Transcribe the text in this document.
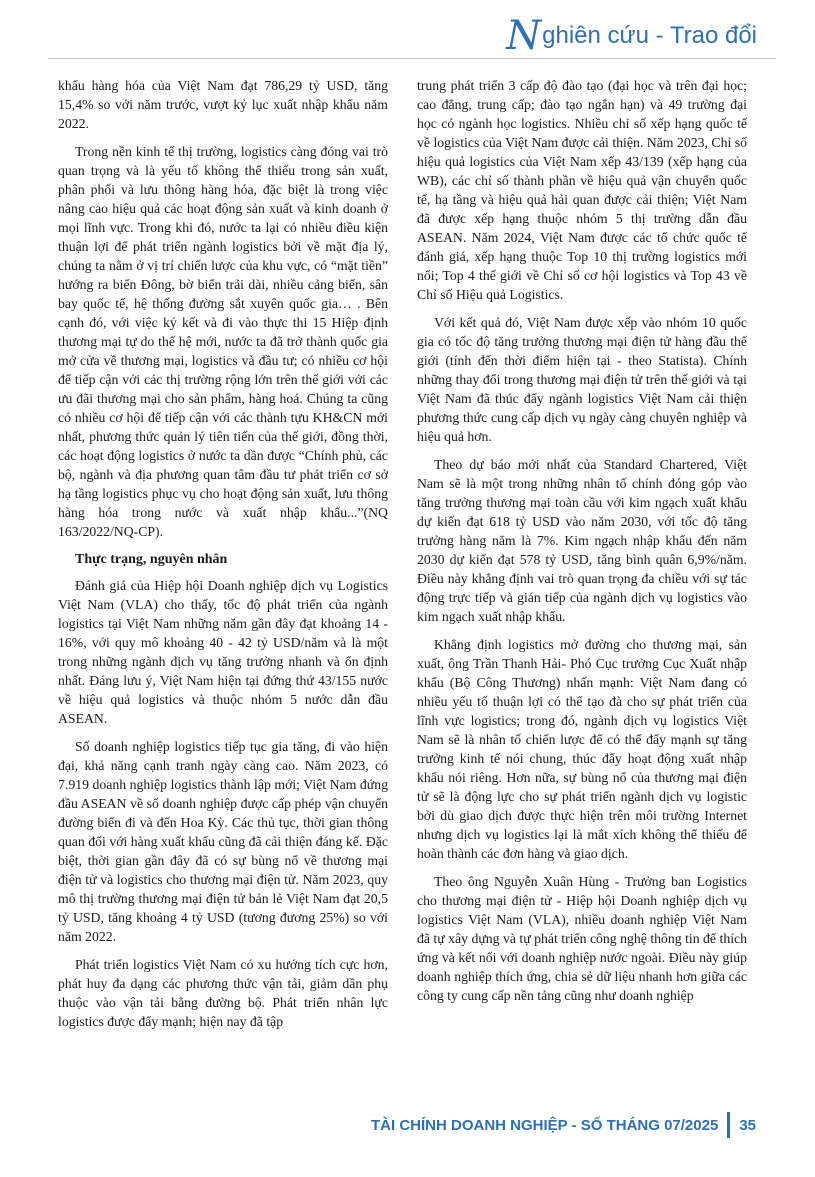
Nghiên cứu - Trao đổi

khẩu hàng hóa của Việt Nam đạt 786,29 tỷ USD, tăng 15,4% so với năm trước, vượt kỷ lục xuất nhập khẩu năm 2022.

Trong nền kinh tế thị trường, logistics càng đóng vai trò quan trọng và là yếu tố không thể thiếu trong sản xuất, phân phối và lưu thông hàng hóa, đặc biệt là trong việc nâng cao hiệu quả các hoạt động sản xuất và kinh doanh ở mọi lĩnh vực. Trong khi đó, nước ta lại có nhiều điều kiện thuận lợi để phát triển ngành logistics bởi về mặt địa lý, chúng ta nằm ở vị trí chiến lược của khu vực, có “mặt tiền” hướng ra biển Đông, bờ biển trải dài, nhiều cảng biển, sân bay quốc tế, hệ thống đường sắt xuyên quốc gia… . Bên cạnh đó, với việc ký kết và đi vào thực thi 15 Hiệp định thương mại tự do thế hệ mới, nước ta đã trở thành quốc gia mở cửa về thương mại, logistics và đầu tư; có nhiều cơ hội để tiếp cận với các thị trường rộng lớn trên thế giới với các ưu đãi thương mại cho sản phẩm, hàng hoá. Chúng ta cũng có nhiều cơ hội để tiếp cận với các thành tựu KH&CN mới nhất, phương thức quản lý tiên tiến của thế giới, đồng thời, các hoạt động logistics ở nước ta dần được “Chính phủ, các bộ, ngành và địa phương quan tâm đầu tư phát triển cơ sở hạ tầng logistics phục vụ cho hoạt động sản xuất, lưu thông hàng hóa trong nước và xuất nhập khẩu...”(NQ 163/2022/NQ-CP).

Thực trạng, nguyên nhân

Đánh giá của Hiệp hội Doanh nghiệp dịch vụ Logistics Việt Nam (VLA) cho thấy, tốc độ phát triển của ngành logistics tại Việt Nam những năm gần đây đạt khoảng 14 - 16%, với quy mô khoảng 40 - 42 tỷ USD/năm và là một trong những ngành dịch vụ tăng trưởng nhanh và ổn định nhất. Đáng lưu ý, Việt Nam hiện tại đứng thứ 43/155 nước về hiệu quả logistics và thuộc nhóm 5 nước dẫn đầu ASEAN.

Số doanh nghiệp logistics tiếp tục gia tăng, đi vào hiện đại, khả năng cạnh tranh ngày càng cao. Năm 2023, có 7.919 doanh nghiệp logistics thành lập mới; Việt Nam đứng đầu ASEAN về số doanh nghiệp được cấp phép vận chuyển đường biển đi và đến Hoa Kỳ. Các thủ tục, thời gian thông quan đối với hàng xuất khẩu cũng đã cải thiện đáng kể. Đặc biệt, thời gian gần đây đã có sự bùng nổ về thương mại điện tử và logistics cho thương mại điện tử. Năm 2023, quy mô thị trường thương mại điện tử bán lẻ Việt Nam đạt 20,5 tỷ USD, tăng khoảng 4 tỷ USD (tương đương 25%) so với năm 2022.

Phát triển logistics Việt Nam có xu hướng tích cực hơn, phát huy đa dạng các phương thức vận tải, giảm dần phụ thuộc vào vận tải bằng đường bộ. Phát triển nhân lực logistics được đẩy mạnh; hiện nay đã tập

trung phát triển 3 cấp độ đào tạo (đại học và trên đại học; cao đẳng, trung cấp; đào tạo ngắn hạn) và 49 trường đại học có ngành học logistics. Nhiều chỉ số xếp hạng quốc tế về logistics của Việt Nam được cải thiện. Năm 2023, Chỉ số hiệu quả logistics của Việt Nam xếp 43/139 (xếp hạng của WB), các chỉ số thành phần về hiệu quả vận chuyển quốc tế, hạ tầng và hiệu quả hải quan được cải thiện; Việt Nam đã được xếp hạng thuộc nhóm 5 thị trường dẫn đầu ASEAN. Năm 2024, Việt Nam được các tổ chức quốc tế đánh giá, xếp hạng thuộc Top 10 thị trường logistics mới nổi; Top 4 thế giới về Chỉ số cơ hội logistics và Top 43 về Chỉ số Hiệu quả Logistics.

Với kết quả đó, Việt Nam được xếp vào nhóm 10 quốc gia có tốc độ tăng trưởng thương mại điện tử hàng đầu thế giới (tính đến thời điểm hiện tại - theo Statista). Chính những thay đổi trong thương mại điện tử trên thế giới và tại Việt Nam đã thúc đẩy ngành logistics Việt Nam cải thiện phương thức cung cấp dịch vụ ngày càng chuyên nghiệp và hiệu quả hơn.

Theo dự báo mới nhất của Standard Chartered, Việt Nam sẽ là một trong những nhân tố chính đóng góp vào tăng trưởng thương mại toàn cầu với kim ngạch xuất khẩu dự kiến đạt 618 tỷ USD vào năm 2030, với tốc độ tăng trưởng hàng năm là 7%. Kim ngạch nhập khẩu đến năm 2030 dự kiến đạt 578 tỷ USD, tăng bình quân 6,9%/năm. Điều này khẳng định vai trò quan trọng đa chiều với sự tác động trực tiếp và gián tiếp của ngành dịch vụ logistics vào kim ngạch xuất nhập khẩu.

Khẳng định logistics mở đường cho thương mại, sản xuất, ông Trần Thanh Hải- Phó Cục trưởng Cục Xuất nhập khẩu (Bộ Công Thương) nhấn mạnh: Việt Nam đang có nhiều yếu tố thuận lợi có thể tạo đà cho sự phát triển của lĩnh vực logistics; trong đó, ngành dịch vụ logistics Việt Nam sẽ là nhân tố chiến lược để có thể đẩy mạnh sự tăng trưởng kinh tế nói chung, thúc đẩy hoạt động xuất nhập khẩu nói riêng. Hơn nữa, sự bùng nổ của thương mại điện tử sẽ là động lực cho sự phát triển ngành dịch vụ logistic bởi dù giao dịch được thực hiện trên môi trường Internet nhưng dịch vụ logistics lại là mắt xích không thể thiếu để hoàn thành các đơn hàng và giao dịch.

Theo ông Nguyễn Xuân Hùng - Trưởng ban Logistics cho thương mại điện tử - Hiệp hội Doanh nghiệp dịch vụ logistics Việt Nam (VLA), nhiều doanh nghiệp Việt Nam đã tự xây dựng và tự phát triển công nghệ thông tin để thích ứng và kết nối với doanh nghiệp nước ngoài. Điều này giúp doanh nghiệp thích ứng, chia sẻ dữ liệu nhanh hơn giữa các công ty cung cấp nền tảng cũng như doanh nghiệp

TÀI CHÍNH DOANH NGHIỆP - SỐ THÁNG 07/2025 35
